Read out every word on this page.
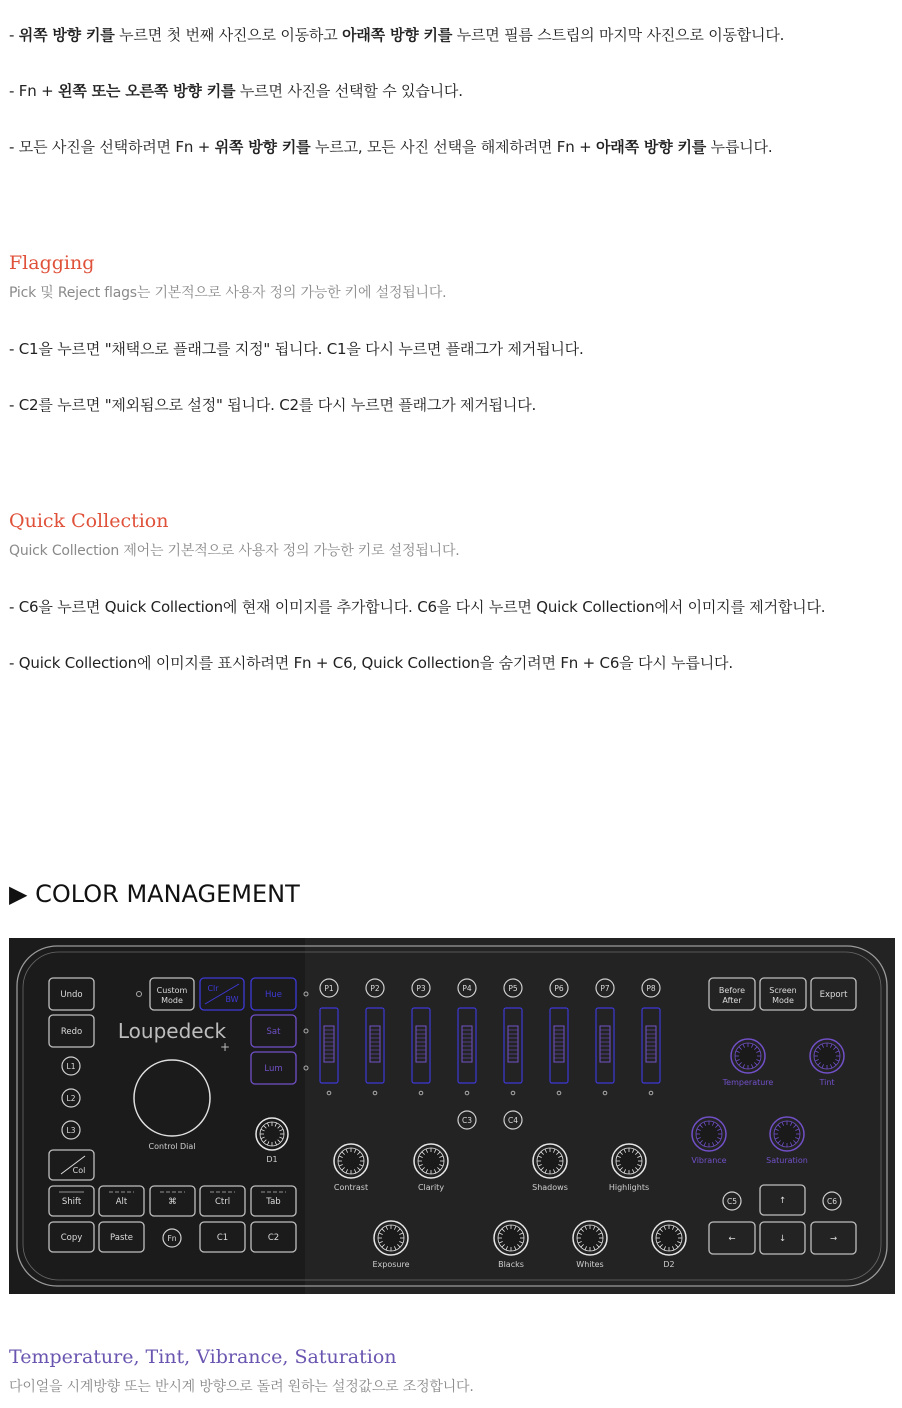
- 위쪽 방향 키를 누르면 첫 번째 사진으로 이동하고 아래쪽 방향 키를 누르면 필름 스트립의 마지막 사진으로 이동합니다.
- Fn + 왼쪽 또는 오른쪽 방향 키를 누르면 사진을 선택할 수 있습니다.
- 모든 사진을 선택하려면 Fn + 위쪽 방향 키를 누르고, 모든 사진 선택을 해제하려면 Fn + 아래쪽 방향 키를 누릅니다.
Flagging
Pick 및 Reject flags는 기본적으로 사용자 정의 가능한 키에 설정됩니다.
- C1을 누르면 "채택으로 플래그를 지정" 됩니다. C1을 다시 누르면 플래그가 제거됩니다.
- C2를 누르면 "제외됨으로 설정" 됩니다. C2를 다시 누르면 플래그가 제거됩니다.
Quick Collection
Quick Collection 제어는 기본적으로 사용자 정의 가능한 키로 설정됩니다.
- C6을 누르면 Quick Collection에 현재 이미지를 추가합니다. C6을 다시 누르면 Quick Collection에서 이미지를 제거합니다.
- Quick Collection에 이미지를 표시하려면 Fn + C6, Quick Collection을 숨기려면 Fn + C6을 다시 누릅니다.
▶ COLOR MANAGEMENT
Undo
Redo
L1
L2
L3
Col
Custom
Mode
Clr
BW	Hue
Sat
Lum
Loupedeck
+
Control Dial
D1
Shift	Alt	⌘	Ctrl	Tab
Copy	Paste	Fn	C1	C2
P1	P2	P3	P4	P5	P6	P7	P8
C3	C4
Contrast	Clarity	Shadows	Highlights
Exposure	Blacks	Whites	D2
Before
After
Screen
Mode
Export
Temperature	Tint
Vibrance	Saturation
C5	C6
↑
←	↓	→
Temperature, Tint, Vibrance, Saturation
다이얼을 시계방향 또는 반시계 방향으로 돌려 원하는 설정값으로 조정합니다.
